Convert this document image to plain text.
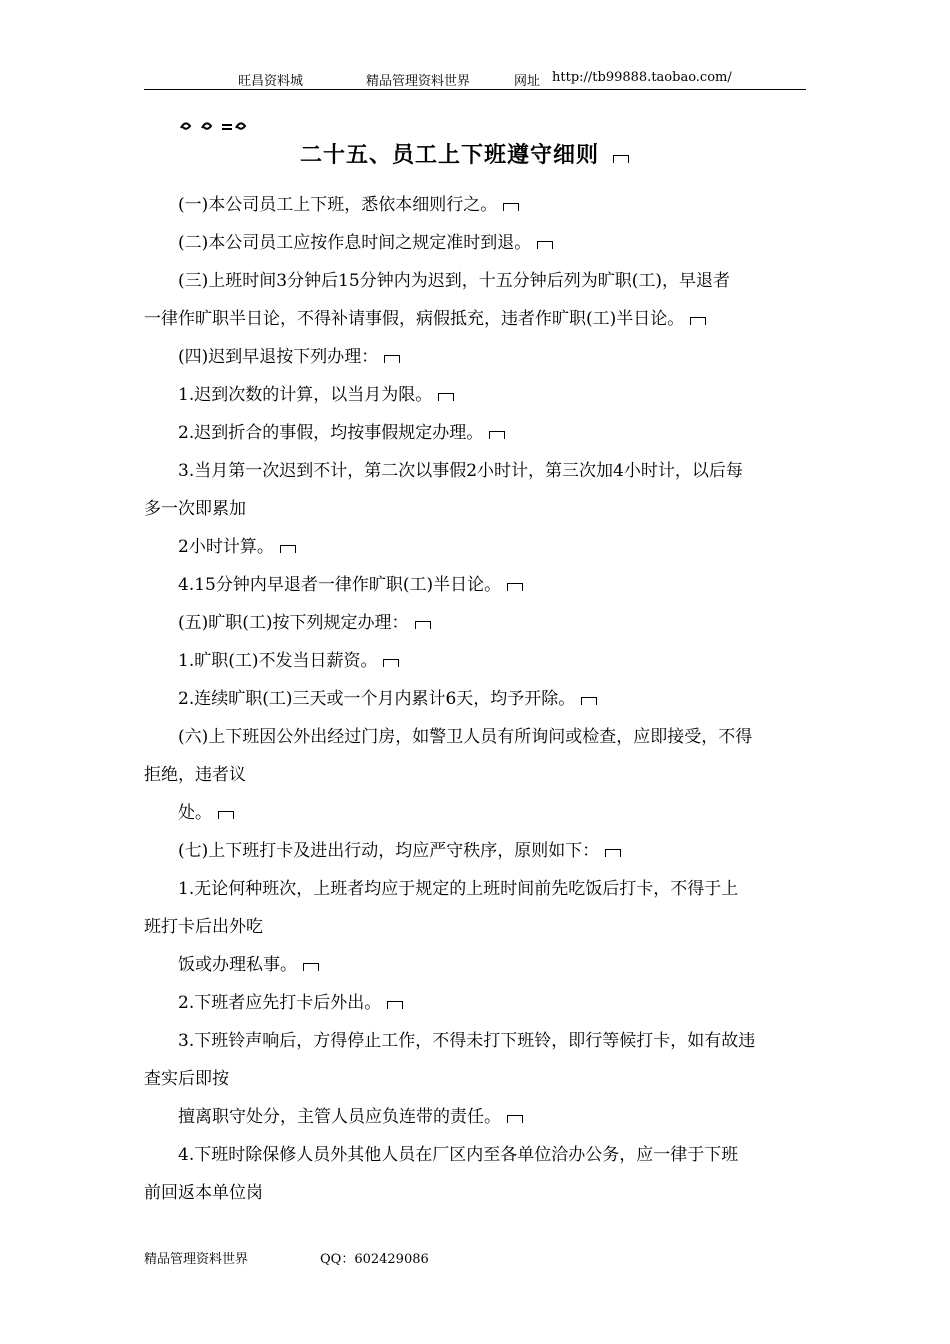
旺昌资料城	精品管理资料世界	网址 http://tb99888.taobao.com/
二十五、员工上下班遵守细则
(一)本公司员工上下班，悉依本细则行之。
(二)本公司员工应按作息时间之规定准时到退。
(三)上班时间3分钟后15分钟内为迟到，十五分钟后列为旷职(工)，早退者
一律作旷职半日论，不得补请事假，病假抵充，违者作旷职(工)半日论。
(四)迟到早退按下列办理：
1.迟到次数的计算，以当月为限。
2.迟到折合的事假，均按事假规定办理。
3.当月第一次迟到不计，第二次以事假2小时计，第三次加4小时计，以后每
多一次即累加
2小时计算。
4.15分钟内早退者一律作旷职(工)半日论。
(五)旷职(工)按下列规定办理：
1.旷职(工)不发当日薪资。
2.连续旷职(工)三天或一个月内累计6天，均予开除。
(六)上下班因公外出经过门房，如警卫人员有所询问或检查，应即接受，不得
拒绝，违者议
处。
(七)上下班打卡及进出行动，均应严守秩序，原则如下：
1.无论何种班次，上班者均应于规定的上班时间前先吃饭后打卡，不得于上
班打卡后出外吃
饭或办理私事。
2.下班者应先打卡后外出。
3.下班铃声响后，方得停止工作，不得未打下班铃，即行等候打卡，如有故违
查实后即按
擅离职守处分，主管人员应负连带的责任。
4.下班时除保修人员外其他人员在厂区内至各单位洽办公务，应一律于下班
前回返本单位岗
精品管理资料世界	QQ：602429086
